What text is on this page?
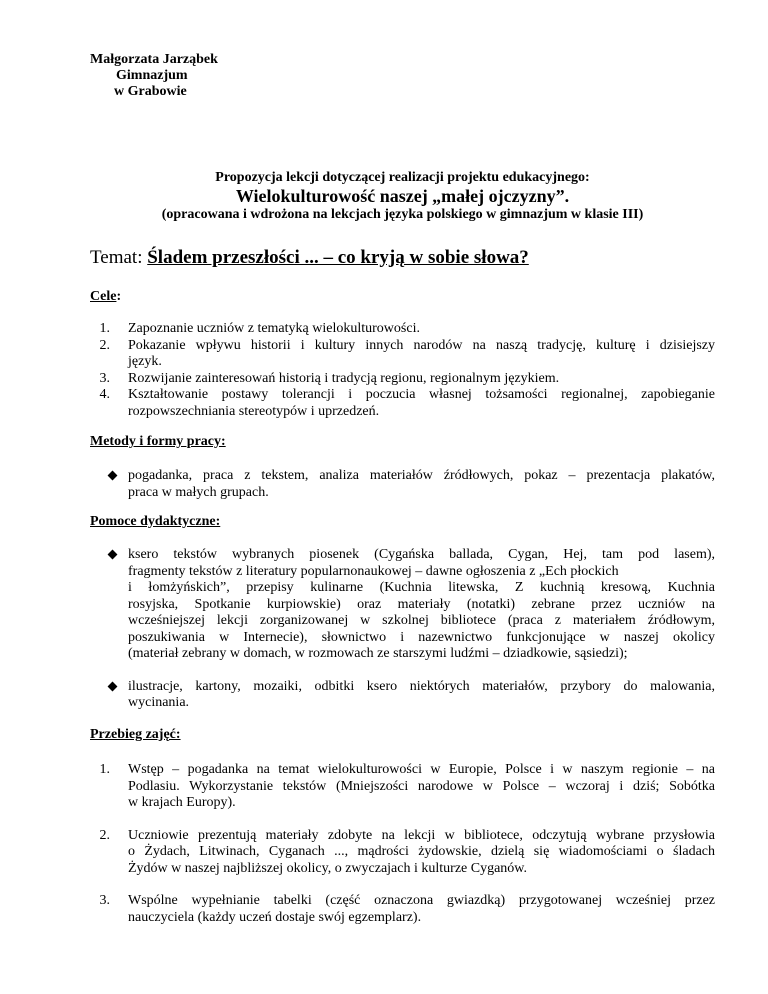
Małgorzata Jarząbek
Gimnazjum
w Grabowie
Propozycja lekcji dotyczącej realizacji projektu edukacyjnego:
Wielokulturowość naszej „małej ojczyzny”.
(opracowana i wdrożona na lekcjach języka polskiego w gimnazjum w klasie III)
Temat: Śladem przeszłości ... – co kryją w sobie słowa?
Cele:
1. Zapoznanie uczniów z tematyką wielokulturowości.
2. Pokazanie wpływu historii i kultury innych narodów na naszą tradycję, kulturę i dzisiejszy
język.
3. Rozwijanie zainteresowań historią i tradycją regionu, regionalnym językiem.
4. Kształtowanie postawy tolerancji i poczucia własnej tożsamości regionalnej, zapobieganie
rozpowszechniania stereotypów i uprzedzeń.
Metody i formy pracy:
pogadanka, praca z tekstem, analiza materiałów źródłowych, pokaz – prezentacja plakatów,
praca w małych grupach.
Pomoce dydaktyczne:
ksero tekstów wybranych piosenek (Cygańska ballada, Cygan, Hej, tam pod lasem),
fragmenty tekstów z literatury popularnonaukowej – dawne ogłoszenia z „Ech płockich
i łomżyńskich”, przepisy kulinarne (Kuchnia litewska, Z kuchnią kresową, Kuchnia
rosyjska, Spotkanie kurpiowskie) oraz materiały (notatki) zebrane przez uczniów na
wcześniejszej lekcji zorganizowanej w szkolnej bibliotece (praca z materiałem źródłowym,
poszukiwania w Internecie), słownictwo i nazewnictwo funkcjonujące w naszej okolicy
(materiał zebrany w domach, w rozmowach ze starszymi ludźmi – dziadkowie, sąsiedzi);
ilustracje, kartony, mozaiki, odbitki ksero niektórych materiałów, przybory do malowania,
wycinania.
Przebieg zajęć:
1. Wstęp – pogadanka na temat wielokulturowości w Europie, Polsce i w naszym regionie – na
Podlasiu. Wykorzystanie tekstów (Mniejszości narodowe w Polsce – wczoraj i dziś; Sobótka
w krajach Europy).
2. Uczniowie prezentują materiały zdobyte na lekcji w bibliotece, odczytują wybrane przysłowia
o Żydach, Litwinach, Cyganach ..., mądrości żydowskie, dzielą się wiadomościami o śladach
Żydów w naszej najbliższej okolicy, o zwyczajach i kulturze Cyganów.
3. Wspólne wypełnianie tabelki (część oznaczona gwiazdką) przygotowanej wcześniej przez
nauczyciela (każdy uczeń dostaje swój egzemplarz).
